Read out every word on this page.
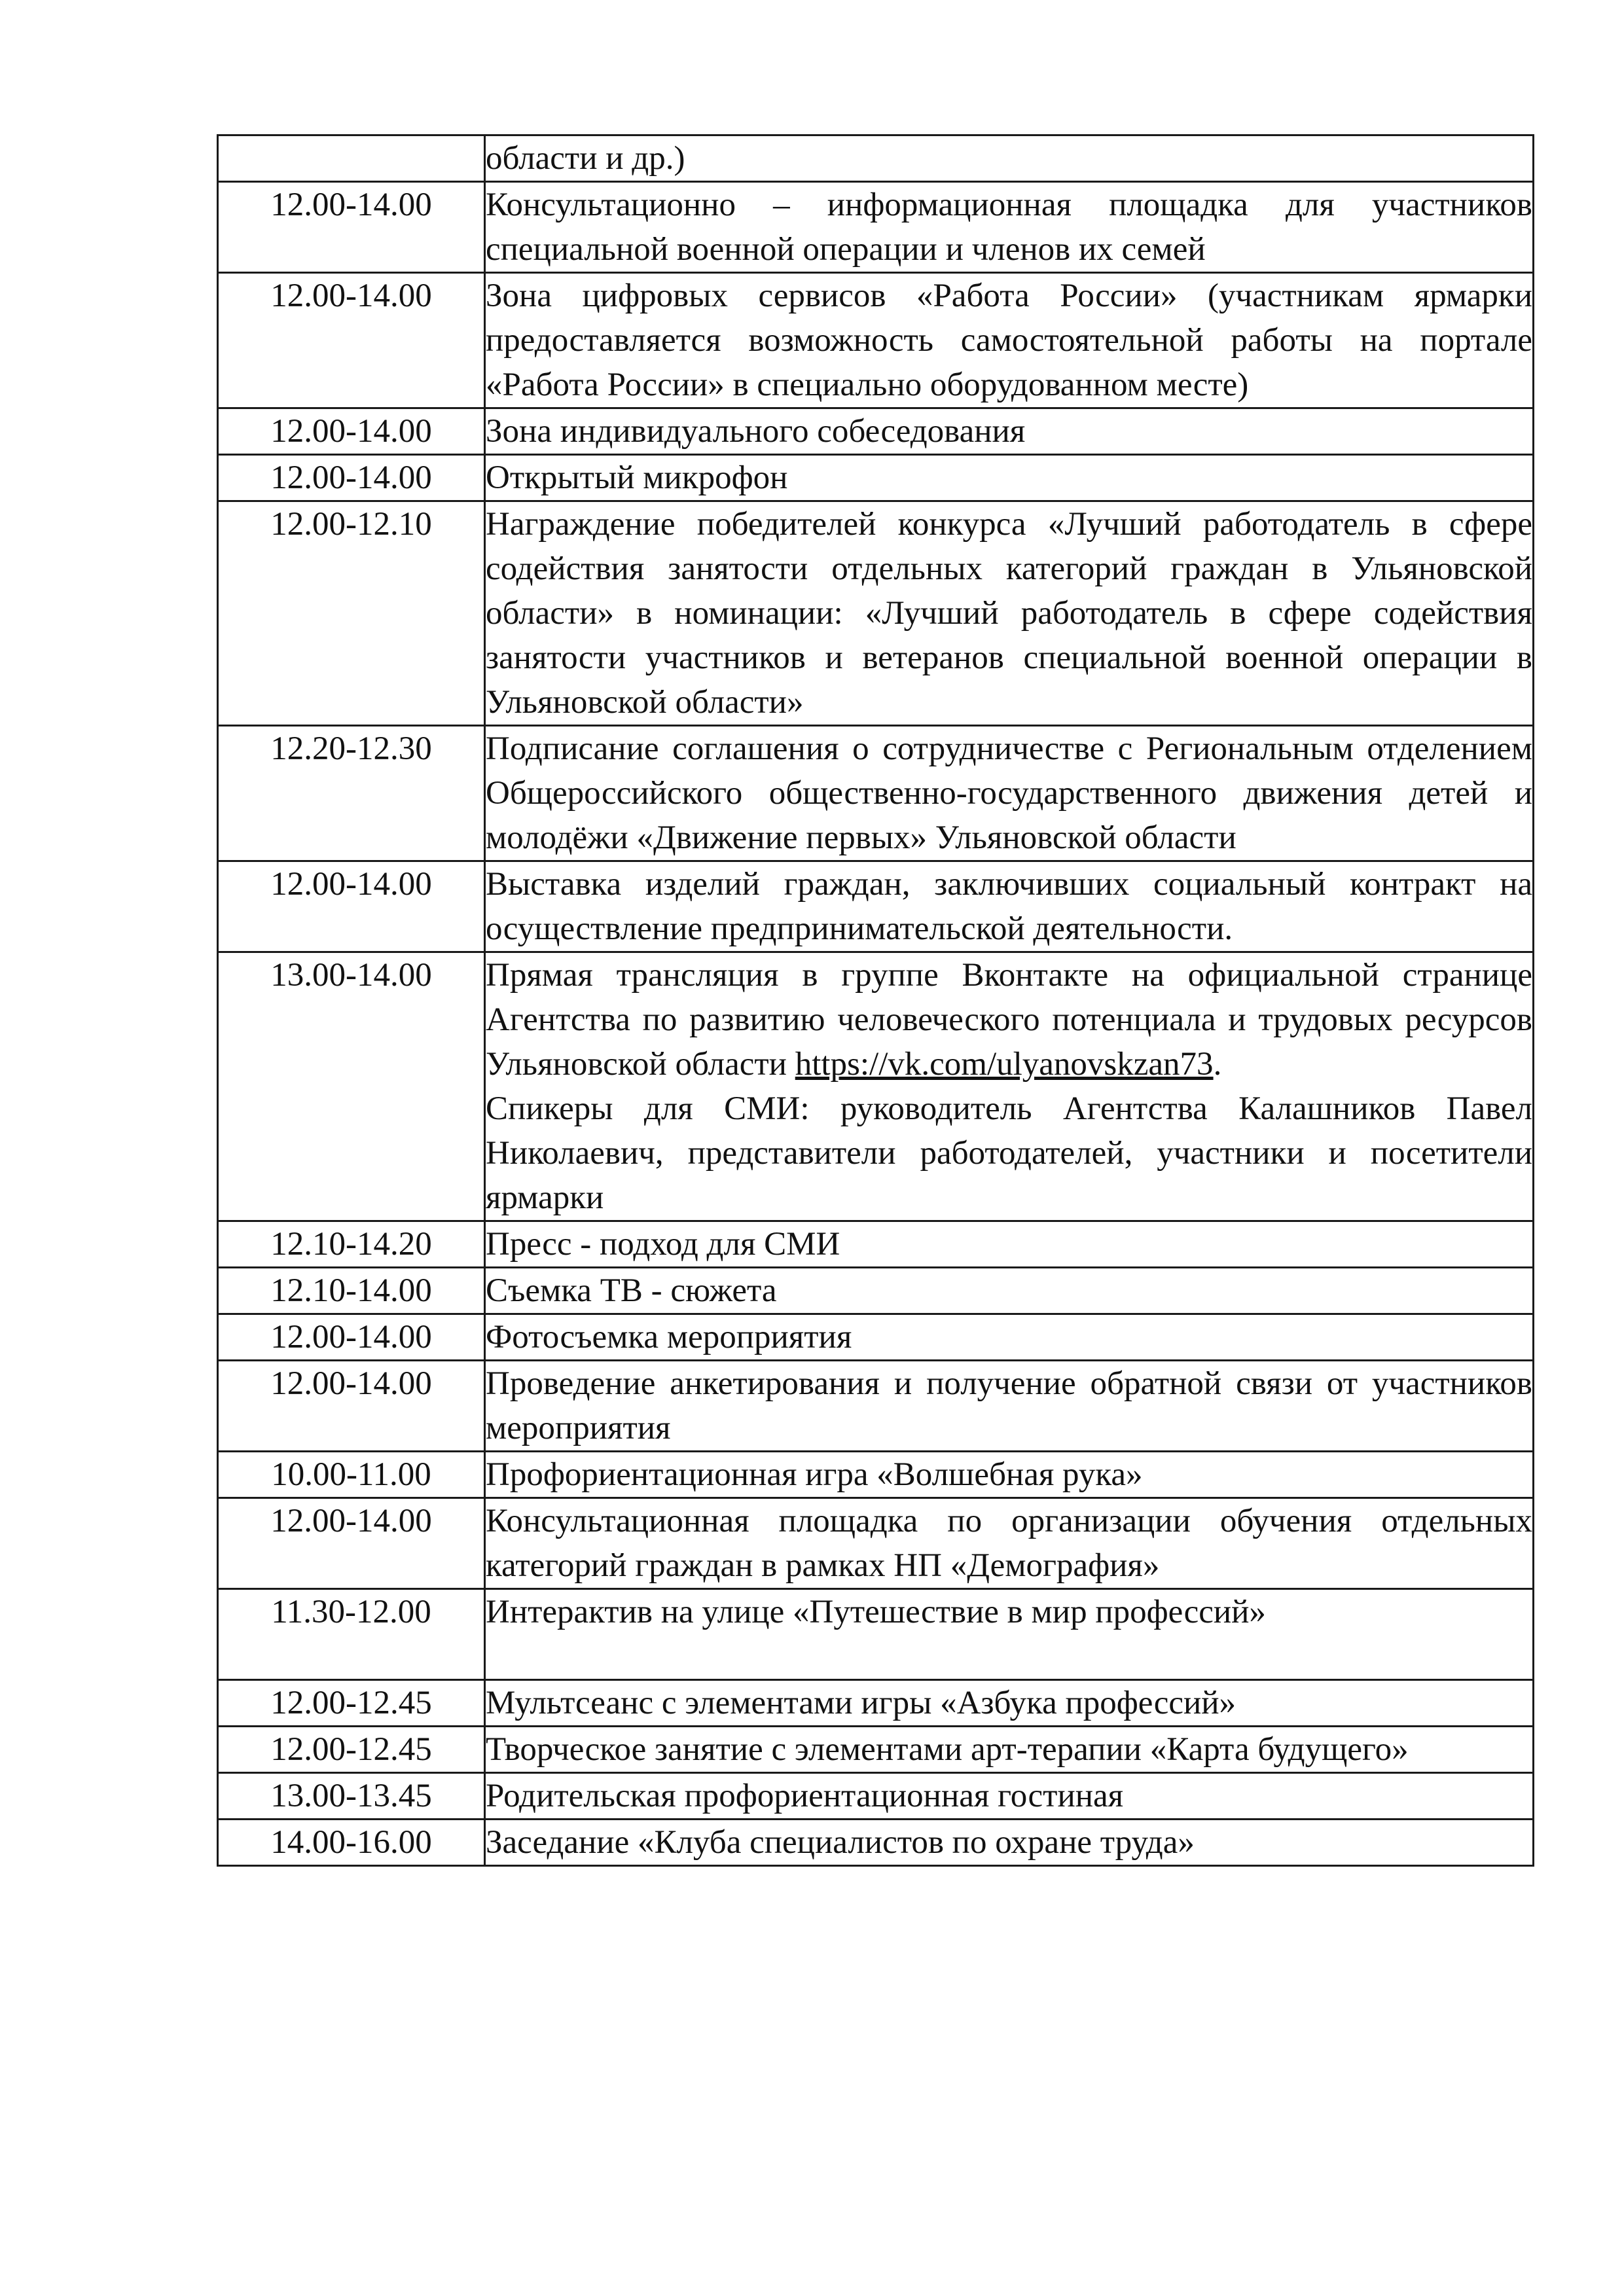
	области и др.)
12.00-14.00	Консультационно – информационная площадка для участников специальной военной операции и членов их семей
12.00-14.00	Зона цифровых сервисов «Работа России» (участникам ярмарки предоставляется возможность самостоятельной работы на портале «Работа России» в специально оборудованном месте)
12.00-14.00	Зона индивидуального собеседования
12.00-14.00	Открытый микрофон
12.00-12.10	Награждение победителей конкурса «Лучший работодатель в сфере содействия занятости отдельных категорий граждан в Ульяновской области» в номинации: «Лучший работодатель в сфере содействия занятости участников и ветеранов специальной военной операции в Ульяновской области»
12.20-12.30	Подписание соглашения о сотрудничестве с Региональным отделением Общероссийского общественно-государственного движения детей и молодёжи «Движение первых» Ульяновской области
12.00-14.00	Выставка изделий граждан, заключивших социальный контракт на осуществление предпринимательской деятельности.
13.00-14.00	Прямая трансляция в группе Вконтакте на официальной странице Агентства по развитию человеческого потенциала и трудовых ресурсов Ульяновской области https://vk.com/ulyanovskzan73.
Спикеры для СМИ: руководитель Агентства Калашников Павел Николаевич, представители работодателей, участники и посетители ярмарки

12.10-14.20	Пресс - подход для СМИ
12.10-14.00	Съемка ТВ - сюжета
12.00-14.00	Фотосъемка мероприятия
12.00-14.00	Проведение анкетирования и получение обратной связи от участников мероприятия
10.00-11.00	Профориентационная игра «Волшебная рука»
12.00-14.00	Консультационная площадка по организации обучения отдельных категорий граждан в рамках НП «Демография»
11.30-12.00	Интерактив на улице «Путешествие в мир профессий»
12.00-12.45	Мультсеанс с элементами игры «Азбука профессий»
12.00-12.45	Творческое занятие с элементами арт-терапии «Карта будущего»
13.00-13.45	Родительская профориентационная гостиная
14.00-16.00	Заседание «Клуба специалистов по охране труда»
